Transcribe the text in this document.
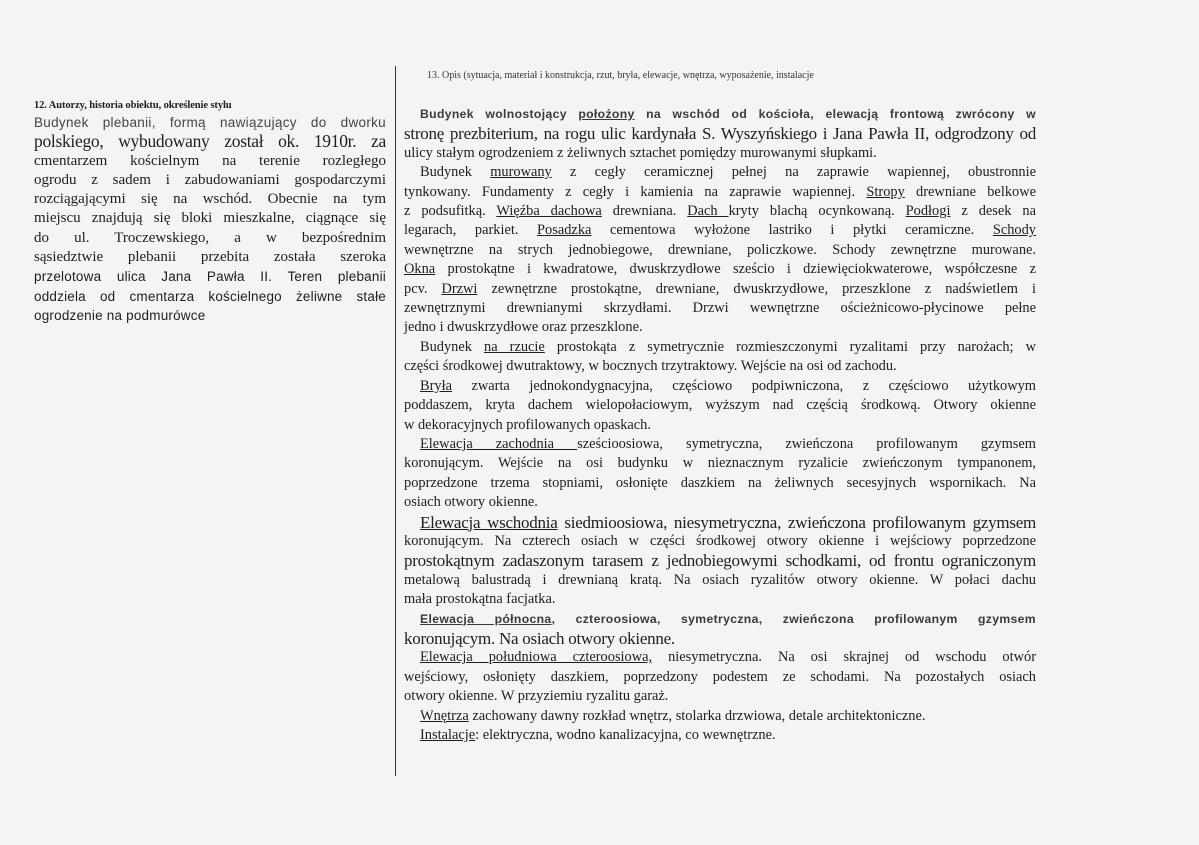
13. Opis (sytuacja, materiał i konstrukcja, rzut, bryła, elewacje, wnętrza, wyposażenie, instalacje
12. Autorzy, historia obiektu, określenie stylu
Budynek plebanii, formą nawiązujący do dworku
polskiego, wybudowany został ok. 1910r. za
cmentarzem kościelnym na terenie rozległego
ogrodu z sadem i zabudowaniami gospodarczymi
rozciągającymi się na wschód. Obecnie na tym
miejscu znajdują się bloki mieszkalne, ciągnące się
do ul. Troczewskiego, a w bezpośrednim
sąsiedztwie plebanii przebita została szeroka
przelotowa ulica Jana Pawła II. Teren plebanii
oddziela od cmentarza kościelnego żeliwne stałe
ogrodzenie na podmurówce
Budynek wolnostojący położony na wschód od kościoła, elewacją frontową zwrócony w
stronę prezbiterium, na rogu ulic kardynała S. Wyszyńskiego i Jana Pawła II, odgrodzony od
ulicy stałym ogrodzeniem z żeliwnych sztachet pomiędzy murowanymi słupkami.
Budynek murowany z cegły ceramicznej pełnej na zaprawie wapiennej, obustronnie
tynkowany. Fundamenty z cegły i kamienia na zaprawie wapiennej. Stropy drewniane belkowe
z podsufitką. Więźba dachowa drewniana. Dach kryty blachą ocynkowaną. Podłogi z desek na
legarach, parkiet. Posadzka cementowa wyłożone lastriko i płytki ceramiczne. Schody
wewnętrzne na strych jednobiegowe, drewniane, policzkowe. Schody zewnętrzne murowane.
Okna prostokątne i kwadratowe, dwuskrzydłowe sześcio i dziewięciokwaterowe, współczesne z
pcv. Drzwi zewnętrzne prostokątne, drewniane, dwuskrzydłowe, przeszklone z nadświetlem i
zewnętrznymi drewnianymi skrzydłami. Drzwi wewnętrzne ościeżnicowo-płycinowe pełne
jedno i dwuskrzydłowe oraz przeszklone.
Budynek na rzucie prostokąta z symetrycznie rozmieszczonymi ryzalitami przy narożach; w
części środkowej dwutraktowy, w bocznych trzytraktowy. Wejście na osi od zachodu.
Bryła zwarta jednokondygnacyjna, częściowo podpiwniczona, z częściowo użytkowym
poddaszem, kryta dachem wielopołaciowym, wyższym nad częścią środkową. Otwory okienne
w dekoracyjnych profilowanych opaskach.
Elewacja zachodnia sześcioosiowa, symetryczna, zwieńczona profilowanym gzymsem
koronującym. Wejście na osi budynku w nieznacznym ryzalicie zwieńczonym tympanonem,
poprzedzone trzema stopniami, osłonięte daszkiem na żeliwnych secesyjnych wspornikach. Na
osiach otwory okienne.
Elewacja wschodnia siedmioosiowa, niesymetryczna, zwieńczona profilowanym gzymsem
koronującym. Na czterech osiach w części środkowej otwory okienne i wejściowy poprzedzone
prostokątnym zadaszonym tarasem z jednobiegowymi schodkami, od frontu ograniczonym
metalową balustradą i drewnianą kratą. Na osiach ryzalitów otwory okienne. W połaci dachu
mała prostokątna facjatka.
Elewacja północna, czteroosiowa, symetryczna, zwieńczona profilowanym gzymsem
koronującym. Na osiach otwory okienne.
Elewacja południowa czteroosiowa, niesymetryczna. Na osi skrajnej od wschodu otwór
wejściowy, osłonięty daszkiem, poprzedzony podestem ze schodami. Na pozostałych osiach
otwory okienne. W przyziemiu ryzalitu garaż.
Wnętrza zachowany dawny rozkład wnętrz, stolarka drzwiowa, detale architektoniczne.
Instalacje: elektryczna, wodno kanalizacyjna, co wewnętrzne.
